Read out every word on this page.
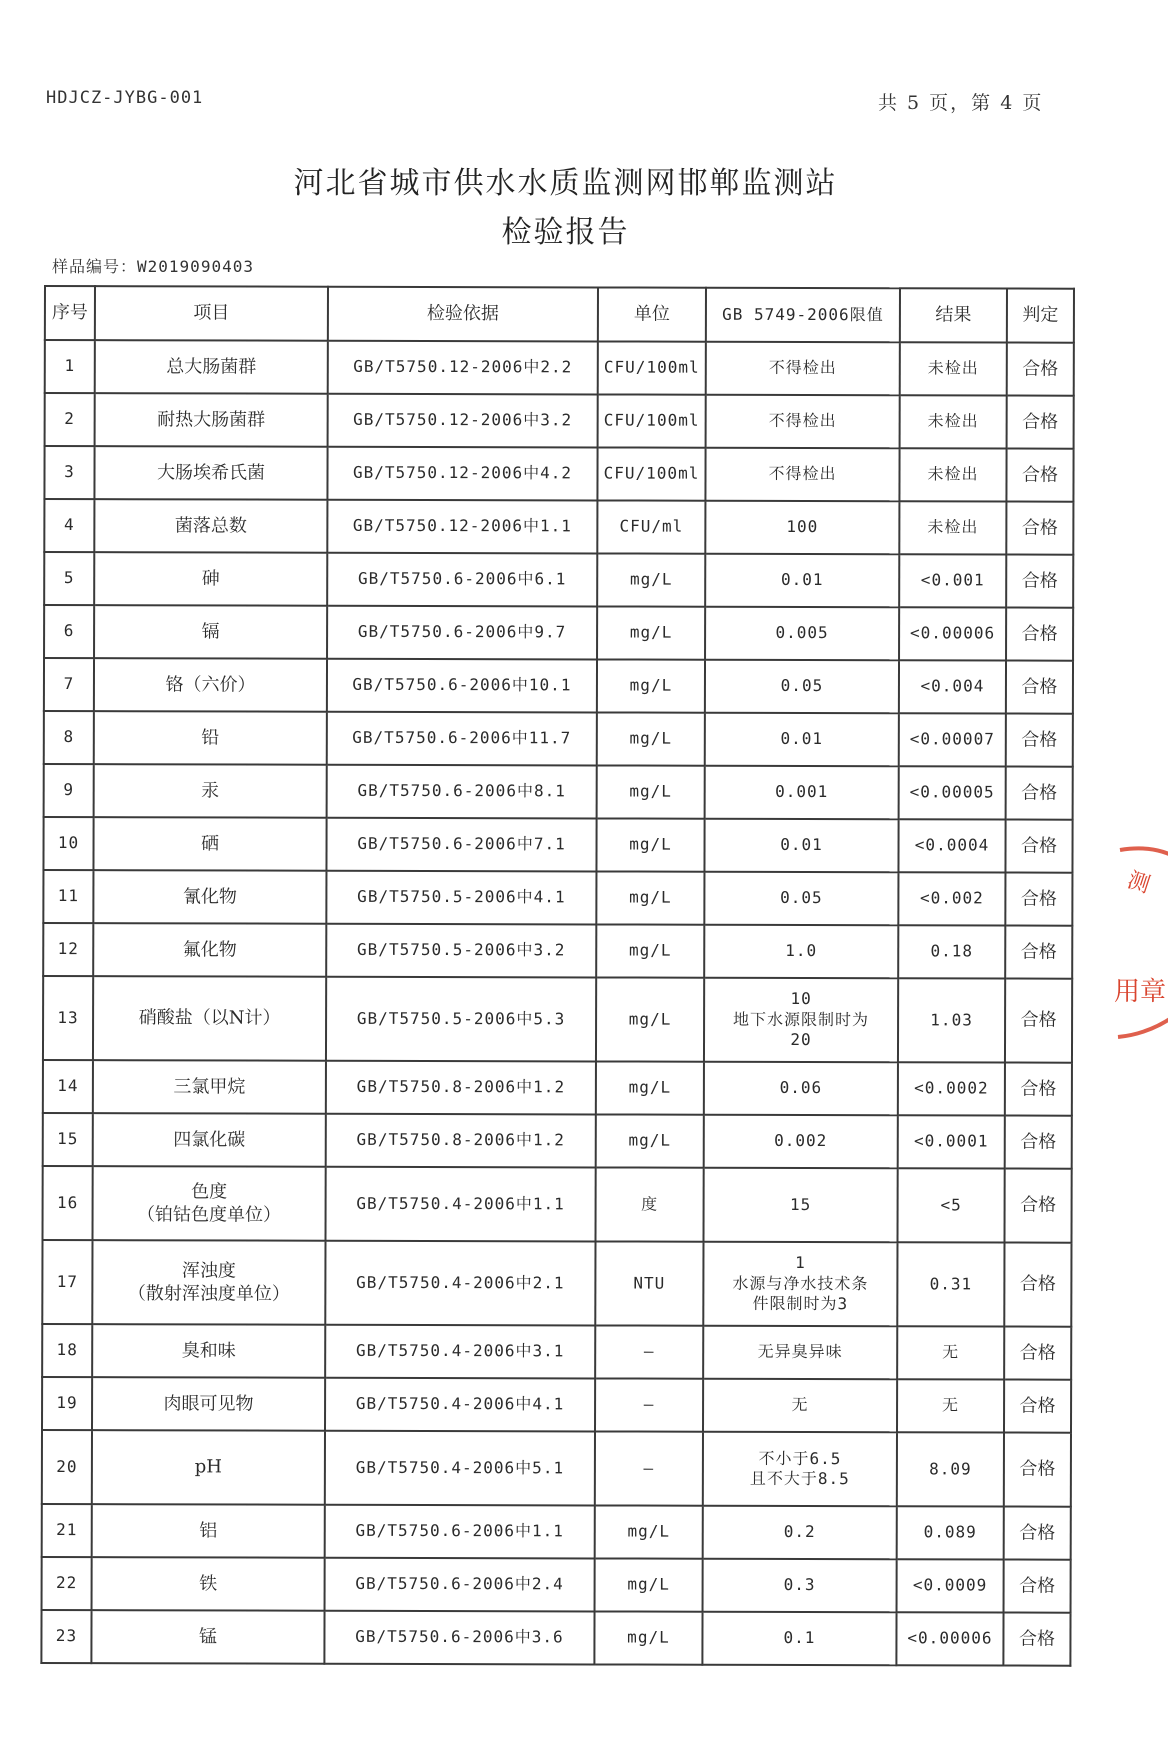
HDJCZ-JYBG-001	共 5 页，第 4 页
河北省城市供水水质监测网邯郸监测站
检验报告
样品编号：W2019090403
序号	项目	检验依据	单位	GB 5749-2006限值	结果	判定
1	总大肠菌群	GB/T5750.12-2006中2.2	CFU/100ml	不得检出	未检出	合格
2	耐热大肠菌群	GB/T5750.12-2006中3.2	CFU/100ml	不得检出	未检出	合格
3	大肠埃希氏菌	GB/T5750.12-2006中4.2	CFU/100ml	不得检出	未检出	合格
4	菌落总数	GB/T5750.12-2006中1.1	CFU/ml	100	未检出	合格
5	砷	GB/T5750.6-2006中6.1	mg/L	0.01	<0.001	合格
6	镉	GB/T5750.6-2006中9.7	mg/L	0.005	<0.00006	合格
7	铬（六价）	GB/T5750.6-2006中10.1	mg/L	0.05	<0.004	合格
8	铅	GB/T5750.6-2006中11.7	mg/L	0.01	<0.00007	合格
9	汞	GB/T5750.6-2006中8.1	mg/L	0.001	<0.00005	合格
10	硒	GB/T5750.6-2006中7.1	mg/L	0.01	<0.0004	合格
11	氰化物	GB/T5750.5-2006中4.1	mg/L	0.05	<0.002	合格
12	氟化物	GB/T5750.5-2006中3.2	mg/L	1.0	0.18	合格
13	硝酸盐（以N计）	GB/T5750.5-2006中5.3	mg/L	10
地下水源限制时为
20	1.03	合格
14	三氯甲烷	GB/T5750.8-2006中1.2	mg/L	0.06	<0.0002	合格
15	四氯化碳	GB/T5750.8-2006中1.2	mg/L	0.002	<0.0001	合格
16	色度
（铂钴色度单位）	GB/T5750.4-2006中1.1	度	15	<5	合格
17	浑浊度
（散射浑浊度单位）	GB/T5750.4-2006中2.1	NTU	1
水源与净水技术条
件限制时为3	0.31	合格
18	臭和味	GB/T5750.4-2006中3.1	—	无异臭异味	无	合格
19	肉眼可见物	GB/T5750.4-2006中4.1	—	无	无	合格
20	pH	GB/T5750.4-2006中5.1	—	不小于6.5
且不大于8.5	8.09	合格
21	铝	GB/T5750.6-2006中1.1	mg/L	0.2	0.089	合格
22	铁	GB/T5750.6-2006中2.4	mg/L	0.3	<0.0009	合格
23	锰	GB/T5750.6-2006中3.6	mg/L	0.1	<0.00006	合格
测
用章
